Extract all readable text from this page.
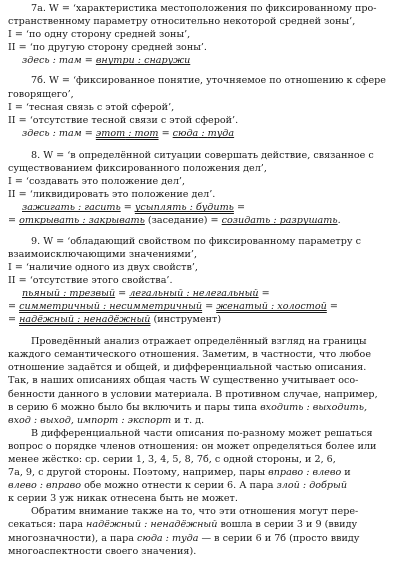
7а. W = ‘характеристика местоположения по фиксированному про-
странственному параметру относительно некоторой средней зоны’,
I = ‘по одну сторону средней зоны’,
II = ‘по другую сторону средней зоны’.
здесь : там = внутри : снаружи
7б. W = ‘фиксированное понятие, уточняемое по отношению к сфере
говорящего’,
I = ‘тесная связь с этой сферой’,
II = ‘отсутствие тесной связи с этой сферой’.
здесь : там = этот : тот = сюда : туда
8. W = ‘в определённой ситуации совершать действие, связанное с
существованием фиксированного положения дел’,
I = ‘создавать это положение дел’,
II = ‘ликвидировать это положение дел’.
зажигать : гасить = усыплять : будить =
= открывать : закрывать (заседание) = созидать : разрушать.
9. W = ‘обладающий свойством по фиксированному параметру с
взаимоисключающими значениями’,
I = ‘наличие одного из двух свойств’,
II = ‘отсутствие этого свойства’.
пьяный : трезвый = легальный : нелегальный =
= симметричный : несимметричный = женатый : холостой =
= надёжный : ненадёжный (инструмент)
Проведённый анализ отражает определённый взгляд на границы
каждого семантического отношения. Заметим, в частности, что любое
отношение задаётся и общей, и дифференциальной частью описания.
Так, в наших описаниях общая часть W существенно учитывает осо-
бенности данного в условии материала. В противном случае, например,
в серию 6 можно было бы включить и пары типа входить : выходить,
вход : выход, импорт : экспорт и т. д.
В дифференциальной части описания по-разному может решаться
вопрос о порядке членов отношения: он может определяться более или
менее жёстко: ср. серии 1, 3, 4, 5, 8, 7б, с одной стороны, и 2, 6,
7а, 9, с другой стороны. Поэтому, например, пары вправо : влево и
влево : вправо обе можно отнести к серии 6. А пара злой : добрый
к серии 3 уж никак отнесена быть не может.
Обратим внимание также на то, что эти отношения могут пере-
секаться: пара надёжный : ненадёжный вошла в серии 3 и 9 (ввиду
многозначности), а пара сюда : туда — в серии 6 и 7б (просто ввиду
многоаспектности своего значения).
